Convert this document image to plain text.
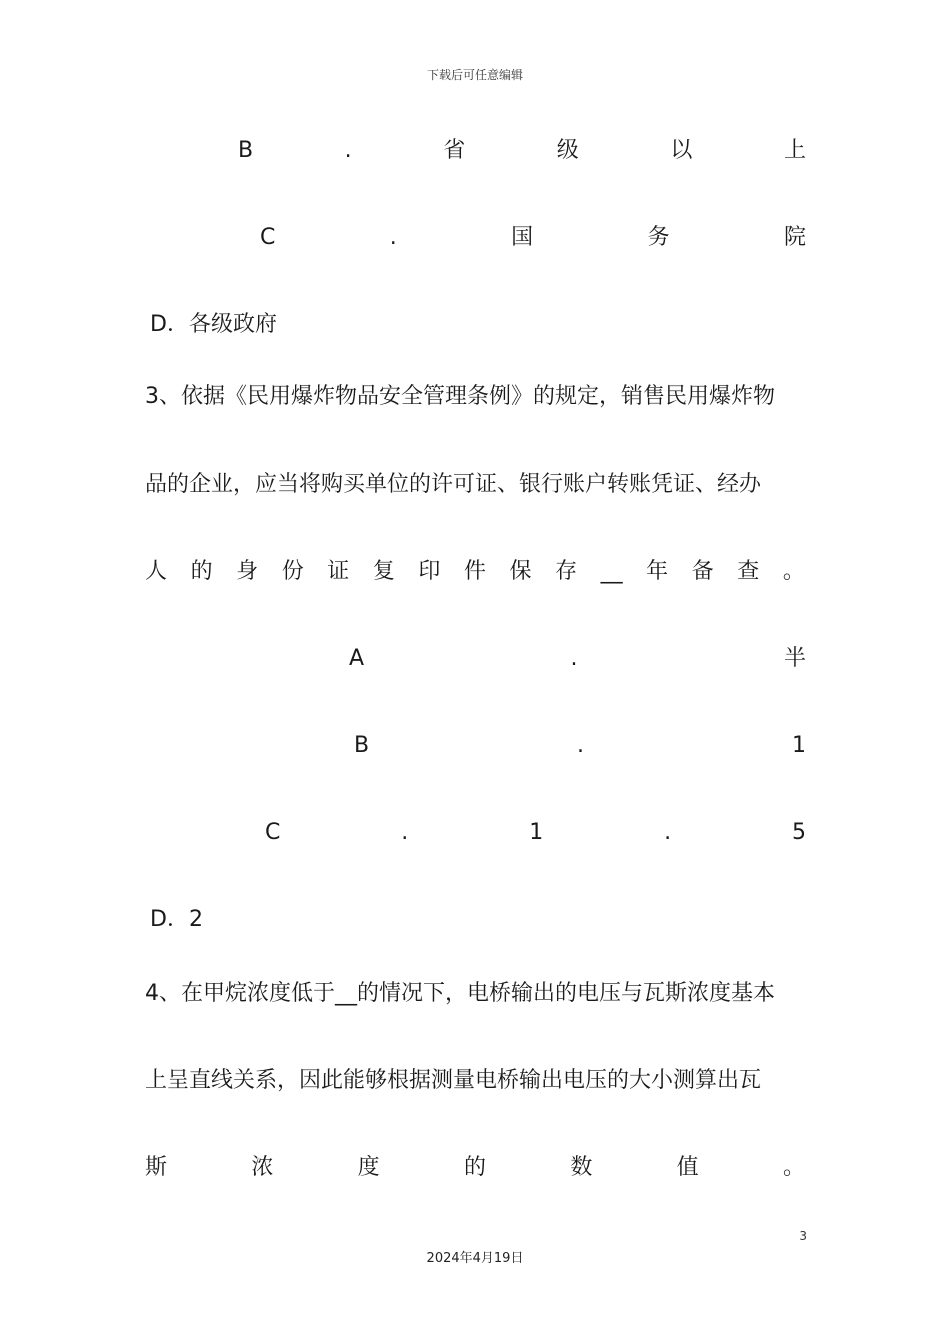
下载后可任意编辑
B	.	省	级	以	上
C	.	国	务	院
D．各级政府
3、依据《民用爆炸物品安全管理条例》的规定，销售民用爆炸物
品的企业，应当将购买单位的许可证、银行账户转账凭证、经办
人 的 身 份 证 复 印 件 保 存 __ 年 备 查 。
A	.	半
B	.	1
C	.	1	.	5
D．2
4、在甲烷浓度低于__的情况下，电桥输出的电压与瓦斯浓度基本
上呈直线关系，因此能够根据测量电桥输出电压的大小测算出瓦
斯	浓	度	的	数	值	。
3
2024年4月19日
